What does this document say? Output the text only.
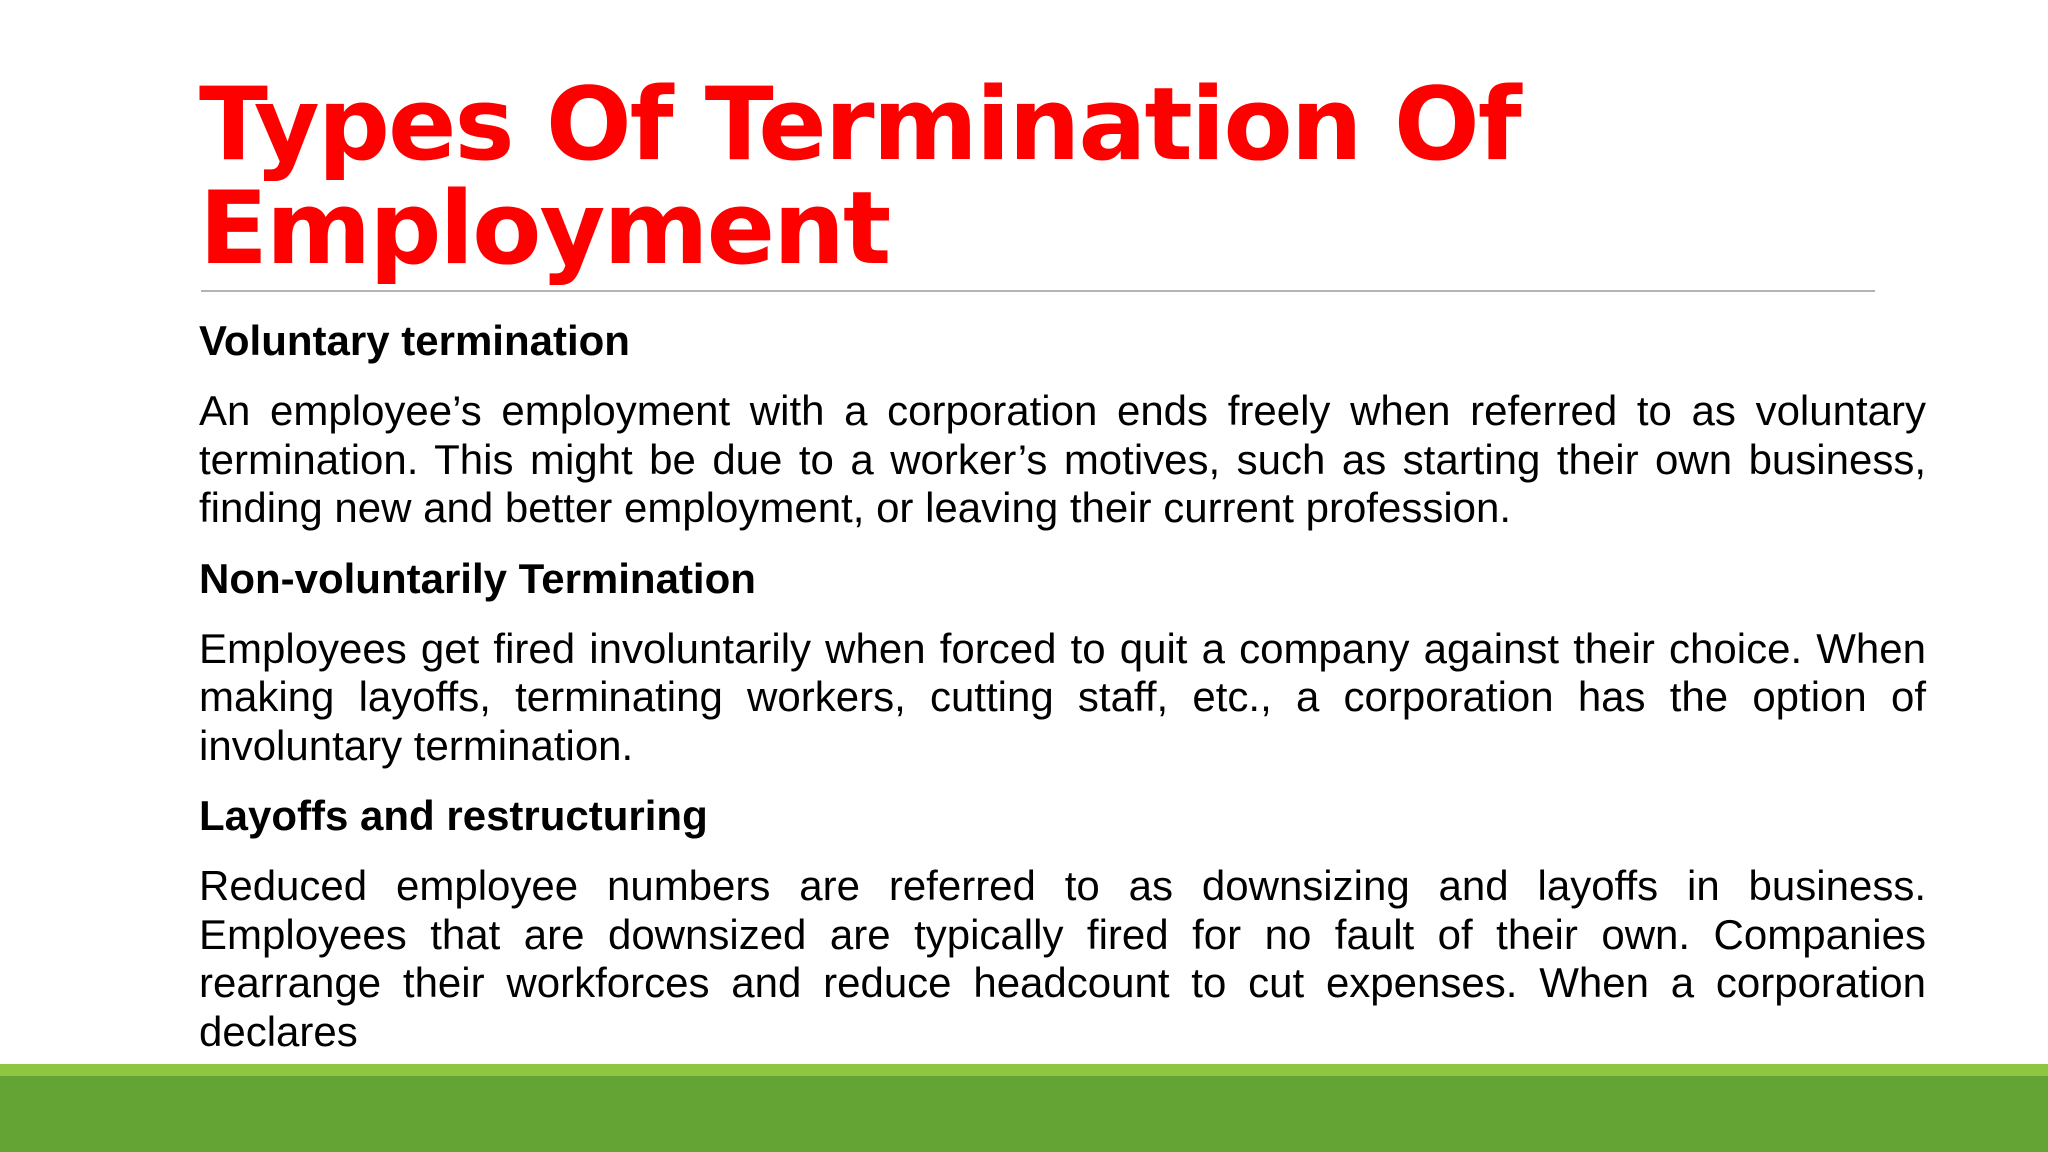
Types Of Termination Of Employment

Voluntary termination

An employee’s employment with a corporation ends freely when referred to as voluntary termination. This might be due to a worker’s motives, such as starting their own business, finding new and better employment, or leaving their current profession.

Non-voluntarily Termination

Employees get fired involuntarily when forced to quit a company against their choice. When making layoffs, terminating workers, cutting staff, etc., a corporation has the option of involuntary termination.

Layoffs and restructuring

Reduced employee numbers are referred to as downsizing and layoffs in business. Employees that are downsized are typically fired for no fault of their own. Companies rearrange their workforces and reduce headcount to cut expenses. When a corporation declares
